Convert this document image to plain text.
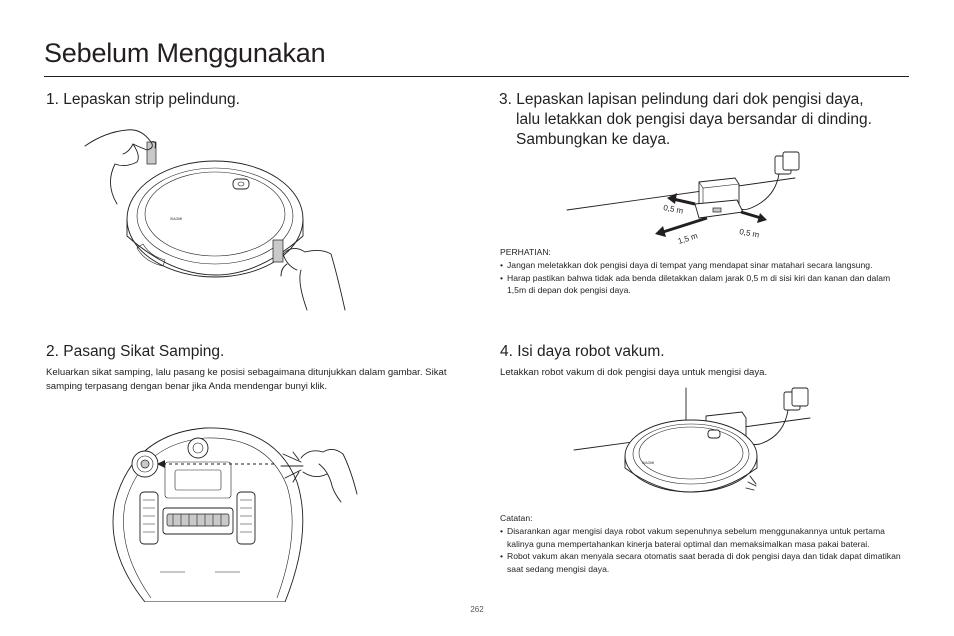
Sebelum Menggunakan
1. Lepaskan strip pelindung.
XIAOMI
2. Pasang Sikat Samping.
Keluarkan sikat samping, lalu pasang ke posisi sebagaimana ditunjukkan dalam gambar. Sikat samping terpasang dengan benar jika Anda mendengar bunyi klik.
3. Lepaskan lapisan pelindung dari dok pengisi daya,
lalu letakkan dok pengisi daya bersandar di dinding.
Sambungkan ke daya.
0,5 m
1,5 m	0,5 m
PERHATIAN:
• Jangan meletakkan dok pengisi daya di tempat yang mendapat sinar matahari secara langsung.
• Harap pastikan bahwa tidak ada benda diletakkan dalam jarak 0,5 m di sisi kiri dan kanan dan dalam 1,5m di depan dok pengisi daya.
4. Isi daya robot vakum.
Letakkan robot vakum di dok pengisi daya untuk mengisi daya.
XIAOMI
Catatan:
• Disarankan agar mengisi daya robot vakum sepenuhnya sebelum menggunakannya untuk pertama kalinya guna mempertahankan kinerja baterai optimal dan memaksimalkan masa pakai baterai.
• Robot vakum akan menyala secara otomatis saat berada di dok pengisi daya dan tidak dapat dimatikan saat sedang mengisi daya.
262
